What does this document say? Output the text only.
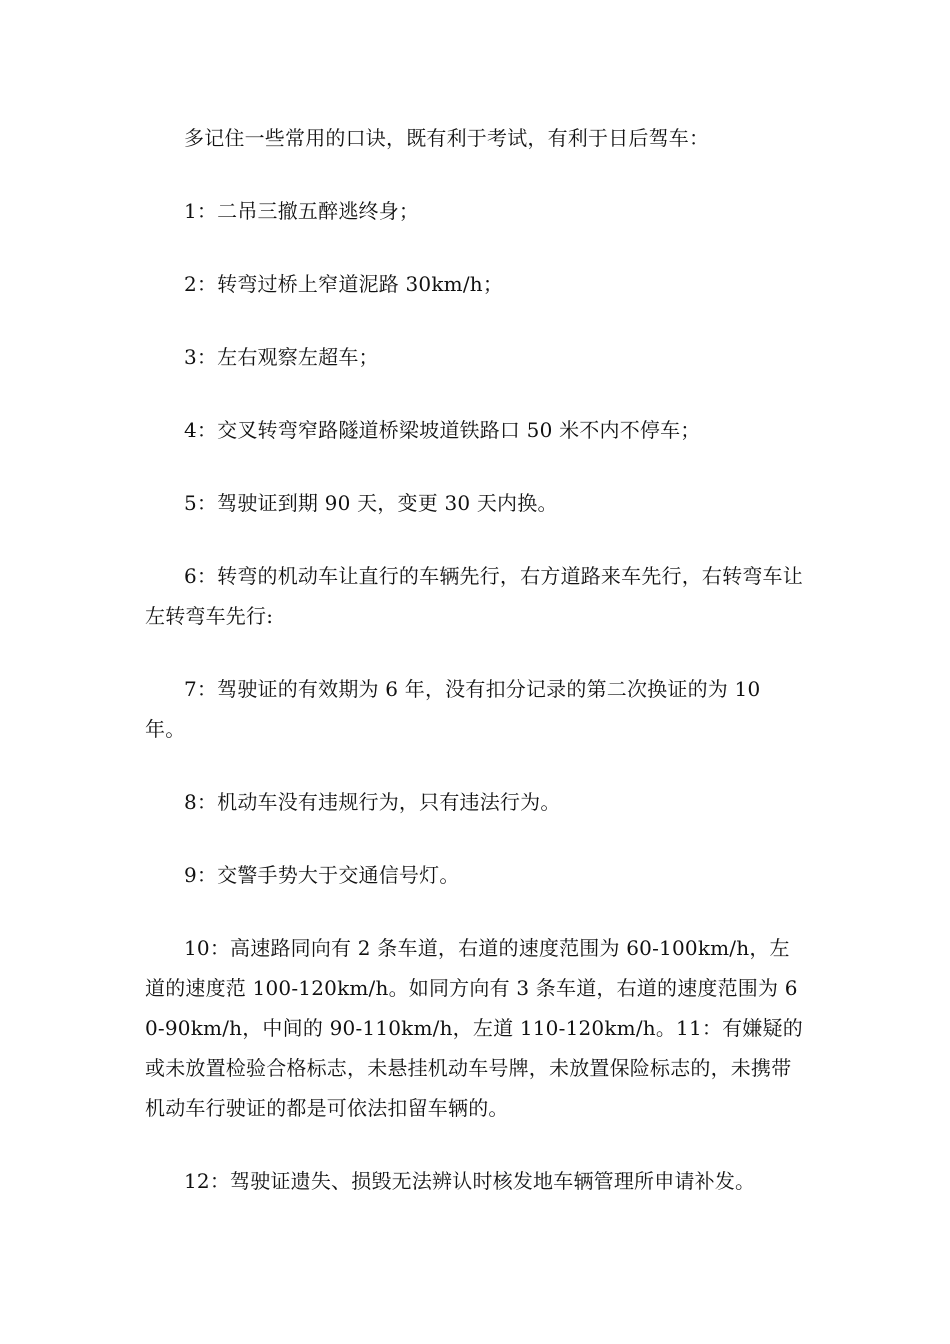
多记住一些常用的口诀，既有利于考试，有利于日后驾车：

1：二吊三撤五醉逃终身；

2：转弯过桥上窄道泥路 30km/h；

3：左右观察左超车；

4：交叉转弯窄路隧道桥梁坡道铁路口 50 米不内不停车；

5：驾驶证到期 90 天，变更 30 天内换。

6：转弯的机动车让直行的车辆先行，右方道路来车先行，右转弯车让左转弯车先行:

7：驾驶证的有效期为 6 年，没有扣分记录的第二次换证的为 10 年。

8：机动车没有违规行为，只有违法行为。

9：交警手势大于交通信号灯。

10：高速路同向有 2 条车道，右道的速度范围为 60-100km/h，左道的速度范 100-120km/h。如同方向有 3 条车道，右道的速度范围为 60-90km/h，中间的 90-110km/h，左道 110-120km/h。11：有嫌疑的或未放置检验合格标志，未悬挂机动车号牌，未放置保险标志的，未携带机动车行驶证的都是可依法扣留车辆的。

12：驾驶证遗失、损毁无法辨认时核发地车辆管理所申请补发。
